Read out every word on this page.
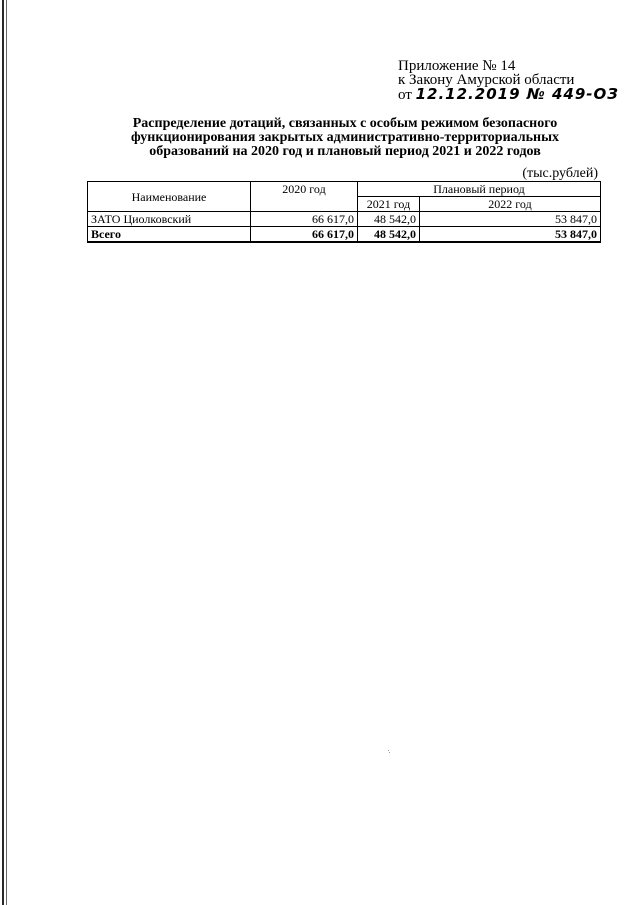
Приложение № 14
к Закону Амурской области
от 12.12.2019 № 449-ОЗ
Распределение дотаций, связанных с особым режимом безопасного функционирования закрытых административно-территориальных образований на 2020 год и плановый период 2021 и 2022 годов
(тыс.рублей)
Наименование	2020 год	Плановый период	
		2021 год	2022 год
ЗАТО Циолковский	66 617,0	48 542,0	53 847,0
Всего	66 617,0	48 542,0	53 847,0
